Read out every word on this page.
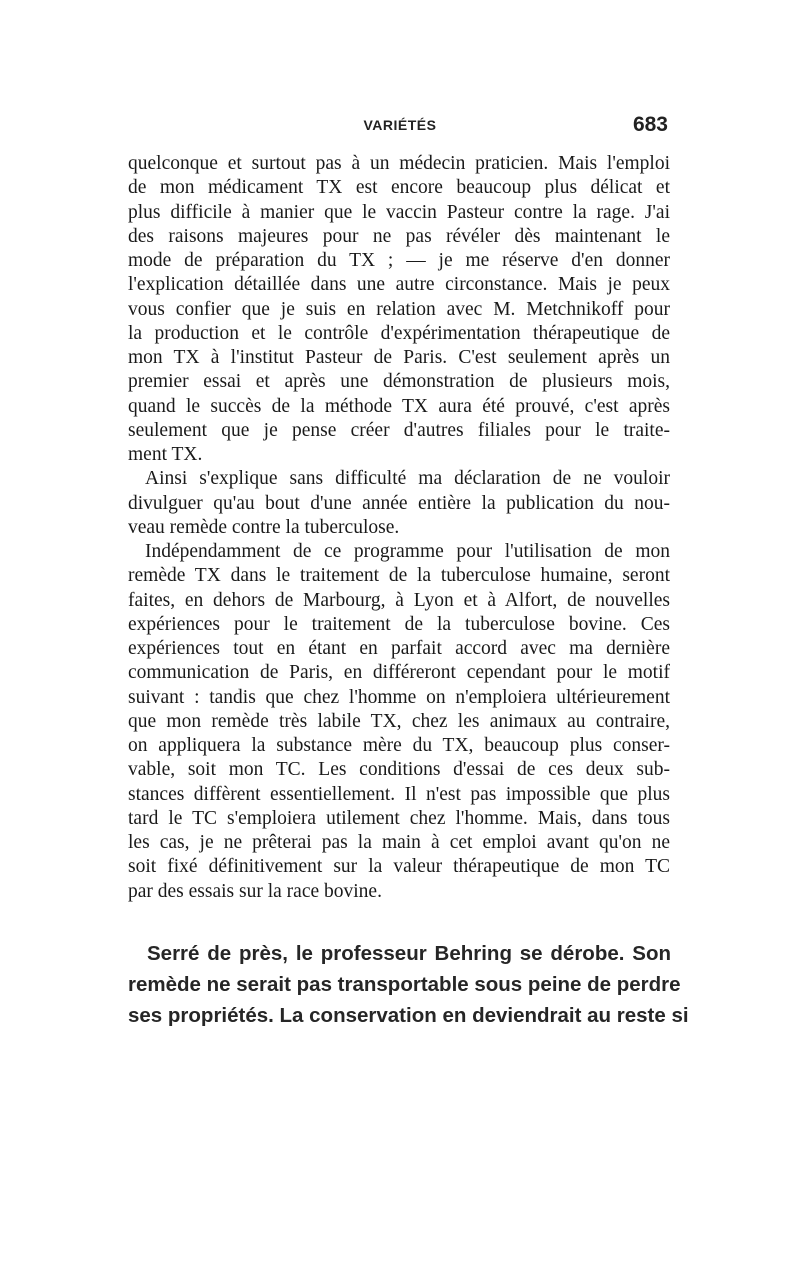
VARIÉTÉS	683
quelconque et surtout pas à un médecin praticien. Mais l'emploi
de mon médicament TX est encore beaucoup plus délicat et
plus difficile à manier que le vaccin Pasteur contre la rage. J'ai
des raisons majeures pour ne pas révéler dès maintenant le
mode de préparation du TX ; — je me réserve d'en donner
l'explication détaillée dans une autre circonstance. Mais je peux
vous confier que je suis en relation avec M. Metchnikoff pour
la production et le contrôle d'expérimentation thérapeutique de
mon TX à l'institut Pasteur de Paris. C'est seulement après un
premier essai et après une démonstration de plusieurs mois,
quand le succès de la méthode TX aura été prouvé, c'est après
seulement que je pense créer d'autres filiales pour le traite-
ment TX.
Ainsi s'explique sans difficulté ma déclaration de ne vouloir
divulguer qu'au bout d'une année entière la publication du nou-
veau remède contre la tuberculose.
Indépendamment de ce programme pour l'utilisation de mon
remède TX dans le traitement de la tuberculose humaine, seront
faites, en dehors de Marbourg, à Lyon et à Alfort, de nouvelles
expériences pour le traitement de la tuberculose bovine. Ces
expériences tout en étant en parfait accord avec ma dernière
communication de Paris, en différeront cependant pour le motif
suivant : tandis que chez l'homme on n'emploiera ultérieurement
que mon remède très labile TX, chez les animaux au contraire,
on appliquera la substance mère du TX, beaucoup plus conser-
vable, soit mon TC. Les conditions d'essai de ces deux sub-
stances diffèrent essentiellement. Il n'est pas impossible que plus
tard le TC s'emploiera utilement chez l'homme. Mais, dans tous
les cas, je ne prêterai pas la main à cet emploi avant qu'on ne
soit fixé définitivement sur la valeur thérapeutique de mon TC
par des essais sur la race bovine.
Serré de près, le professeur Behring se dérobe. Son
remède ne serait pas transportable sous peine de perdre
ses propriétés. La conservation en deviendrait au reste si
